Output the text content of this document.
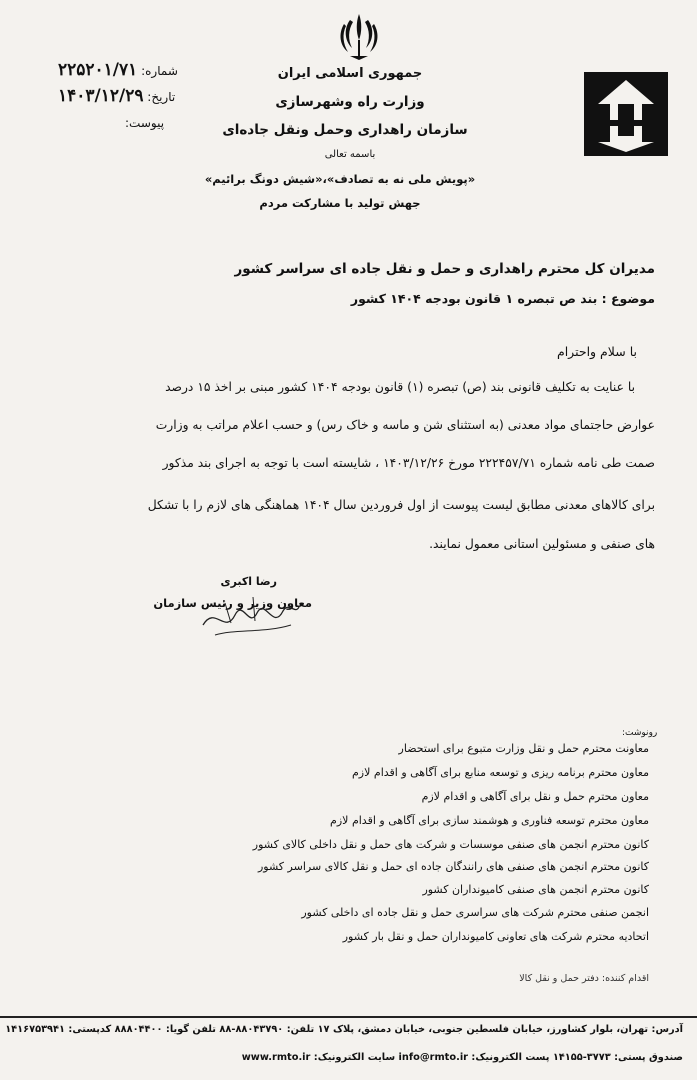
جمهوری اسلامی ایران
وزارت راه وشهرسازی
سازمان راهداری وحمل ونقل جاده‌ای
باسمه تعالی
«پویش ملی نه به تصادف»،«شیش دونگ برائیم»
جهش تولید با مشارکت مردم
شماره: ۲۲۵۲۰۱/۷۱
تاریخ: ۱۴۰۳/۱۲/۲۹
پیوست:
مدیران کل محترم راهداری و حمل و نقل جاده ای سراسر کشور
موضوع : بند ص تبصره ۱ قانون بودجه ۱۴۰۴ کشور
با سلام واحترام
با عنایت به تکلیف قانونی بند (ص) تبصره (۱) قانون بودجه ۱۴۰۴ کشور مبنی بر اخذ ۱۵ درصد
عوارض حاجتمای مواد معدنی (به استثنای شن و ماسه و خاک رس) و حسب اعلام مراتب به وزارت
صمت طی نامه شماره ۲۲۲۴۵۷/۷۱ مورخ ۱۴۰۳/۱۲/۲۶ ، شایسته است با توجه به اجرای بند مذکور
برای کالاهای معدنی مطابق لیست پیوست از اول فروردین سال ۱۴۰۴ هماهنگی های لازم را با تشکل
های صنفی و مسئولین استانی معمول نمایند.
رضا اکبری
معاون وزیر و رئیس سازمان
رونوشت:
معاونت محترم حمل و نقل وزارت متبوع برای استحضار
معاون محترم برنامه ریزی و توسعه منابع برای آگاهی و اقدام لازم
معاون محترم حمل و نقل برای آگاهی و اقدام لازم
معاون محترم توسعه فناوری و هوشمند سازی برای آگاهی و اقدام لازم
کانون محترم انجمن های صنفی موسسات و شرکت های حمل و نقل داخلی کالای کشور
کانون محترم انجمن های صنفی های رانندگان جاده ای حمل و نقل کالای سراسر کشور
کانون محترم انجمن های صنفی کامیونداران کشور
انجمن صنفی محترم شرکت های سراسری حمل و نقل جاده ای داخلی کشور
اتحادیه محترم شرکت های تعاونی کامیونداران حمل و نقل بار کشور
اقدام کننده: دفتر حمل و نقل کالا
آدرس: تهران، بلوار کشاورز، خیابان فلسطین جنوبی، خیابان دمشق، پلاک ۱۷ تلفن: ۸۸۰۴۳۷۹۰-۸۸ تلفن گویا: ۸۸۸۰۴۴۰۰ کدپستی: ۱۴۱۶۷۵۳۹۴۱
صندوق پستی: ۳۷۷۳-۱۴۱۵۵ پست الکترونیک: info@rmto.ir سایت الکترونیک: www.rmto.ir
